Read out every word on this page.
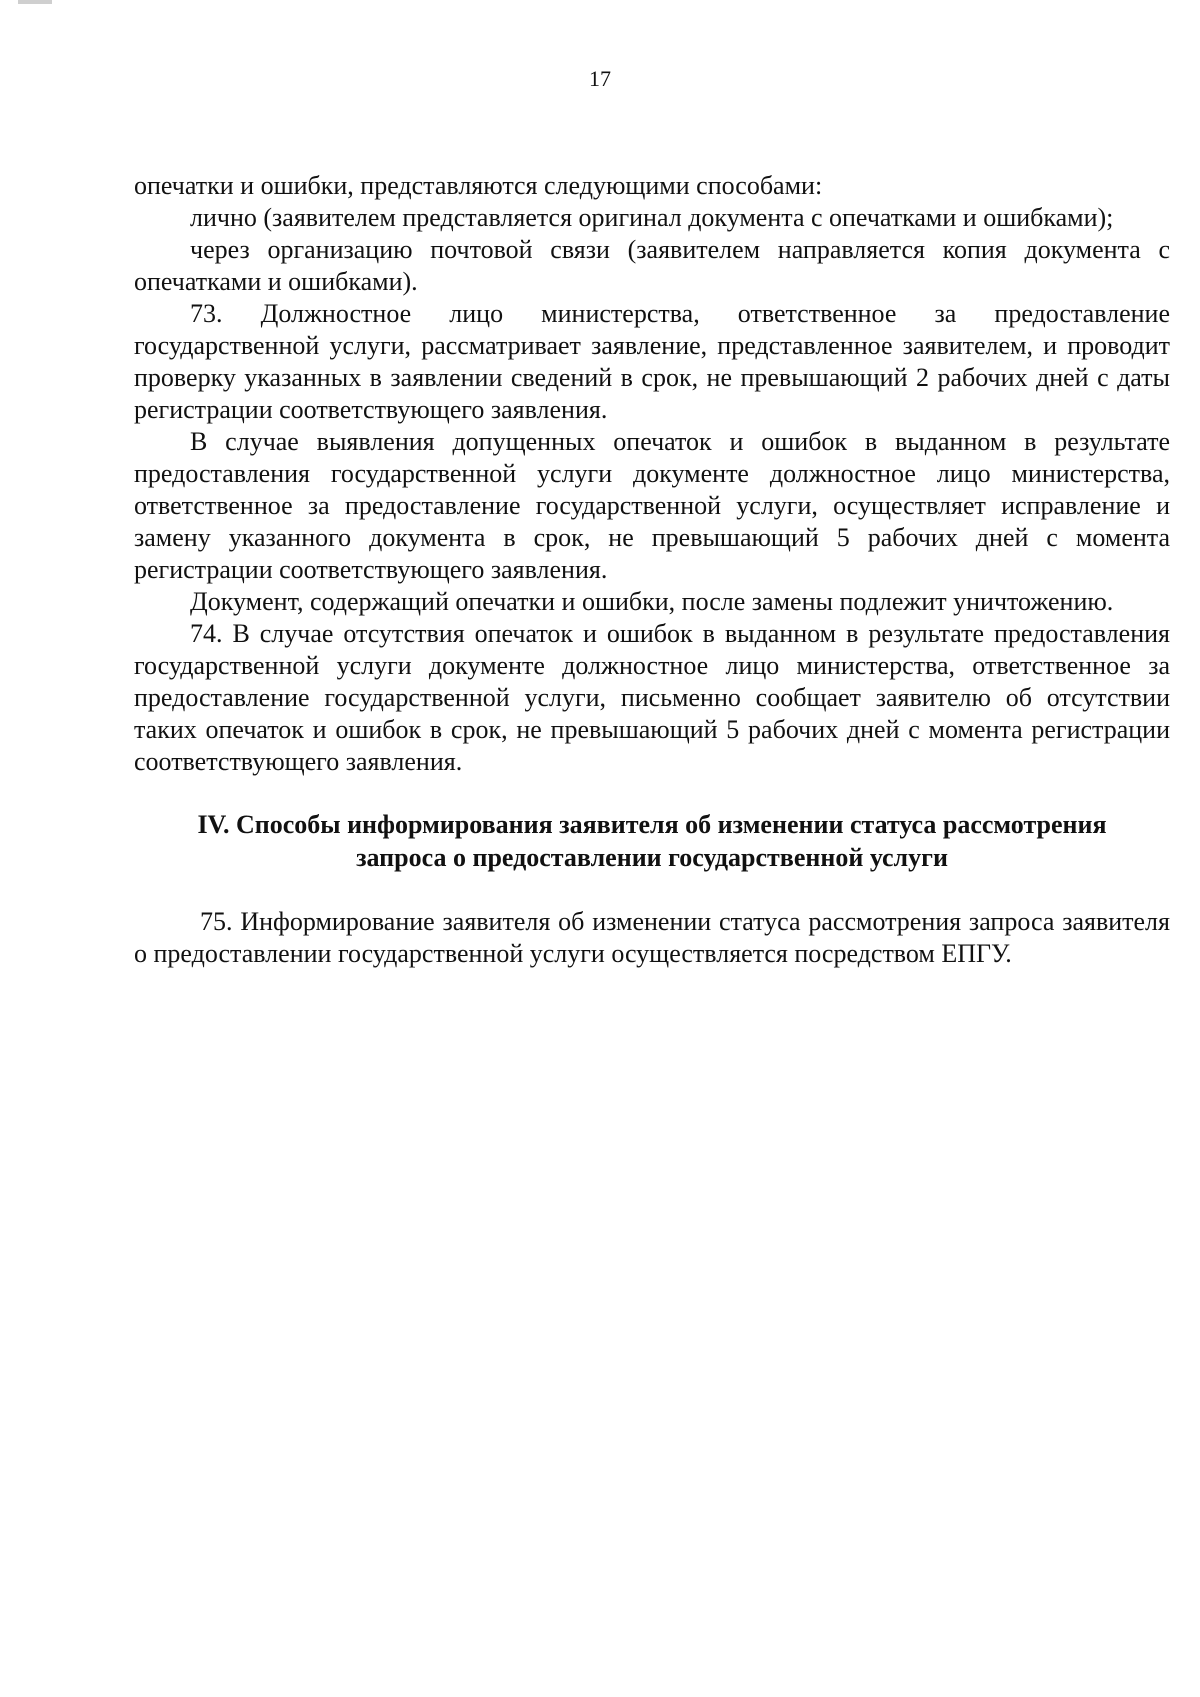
17

опечатки и ошибки, представляются следующими способами:

лично (заявителем представляется оригинал документа с опечатками и ошибками);

через организацию почтовой связи (заявителем направляется копия документа с опечатками и ошибками).

73. Должностное лицо министерства, ответственное за предоставление государственной услуги, рассматривает заявление, представленное заявителем, и проводит проверку указанных в заявлении сведений в срок, не превышающий 2 рабочих дней с даты регистрации соответствующего заявления.

В случае выявления допущенных опечаток и ошибок в выданном в результате предоставления государственной услуги документе должностное лицо министерства, ответственное за предоставление государственной услуги, осуществляет исправление и замену указанного документа в срок, не превышающий 5 рабочих дней с момента регистрации соответствующего заявления.

Документ, содержащий опечатки и ошибки, после замены подлежит уничтожению.

74. В случае отсутствия опечаток и ошибок в выданном в результате предоставления государственной услуги документе должностное лицо министерства, ответственное за предоставление государственной услуги, письменно сообщает заявителю об отсутствии таких опечаток и ошибок в срок, не превышающий 5 рабочих дней с момента регистрации соответствующего заявления.

IV. Способы информирования заявителя об изменении статуса рассмотрения
запроса о предоставлении государственной услуги

75. Информирование заявителя об изменении статуса рассмотрения запроса заявителя о предоставлении государственной услуги осуществляется посредством ЕПГУ.
